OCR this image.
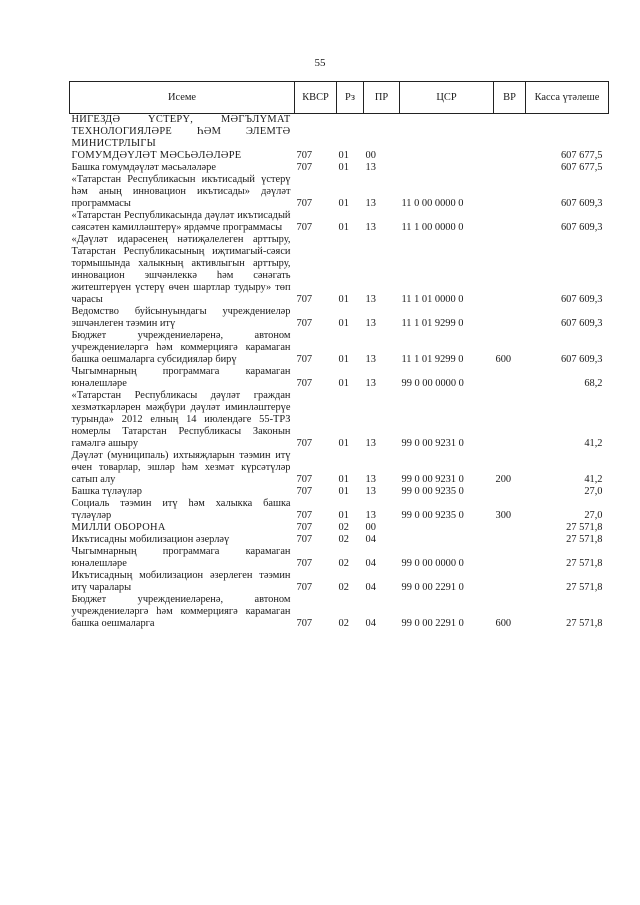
55
Исеме	КВСР	Рз	ПР	ЦСР	ВР	Касса үтәлеше
НИГЕЗДӘ ҮСТЕРҮ, МӘГЪЛҮМАТ ТЕХНОЛОГИЯЛӘРЕ ҺӘМ ЭЛЕМТӘ МИНИСТРЛЫГЫ						
ГОМУМДӘҮЛӘТ МӘСЬӘЛӘЛӘРЕ	707	01	00			607 677,5
Башка гомумдәүләт мәсьәләләре	707	01	13			607 677,5
«Татарстан Республикасын икътисадый үстерү һәм аның инновацион икътисады» дәүләт программасы	707	01	13	11 0 00 0000 0		607 609,3
«Татарстан Республикасында дәүләт икътисадый сәясәтен камилләштерү» ярдәмче программасы	707	01	13	11 1 00 0000 0		607 609,3
«Дәүләт идарәсенең нәтиҗәлелеген арттыру, Татарстан Республикасының иҗтимагый-сәяси тормышында халыкның активлыгын арттыру, инновацион эшчәнлеккә һәм сәнәгать житештерүен үстерү өчен шартлар тудыру» төп чарасы	707	01	13	11 1 01 0000 0		607 609,3
Ведомство буйсынуындагы учреждениеләр эшчәнлеген тәэмин итү	707	01	13	11 1 01 9299 0		607 609,3
Бюджет учреждениеләренә, автоном учреждениеләргә һәм коммерциягә карамаган башка оешмаларга субсидияләр бирү	707	01	13	11 1 01 9299 0	600	607 609,3
Чыгымнарның программага карамаган юнәлешләре	707	01	13	99 0 00 0000 0		68,2
«Татарстан Республикасы дәүләт граждан хезмәткәрләрен мәҗбүри дәүләт иминләштерүе турында» 2012 елның 14 июлендәге 55-ТРЗ номерлы Татарстан Республикасы Законын гамәлгә ашыру	707	01	13	99 0 00 9231 0		41,2
Дәүләт (муниципаль) ихтыяҗларын тәэмин итү өчен товарлар, эшләр һәм хезмәт күрсәтүләр сатып алу	707	01	13	99 0 00 9231 0	200	41,2
Башка түләүләр	707	01	13	99 0 00 9235 0		27,0
Социаль тәэмин итү һәм халыкка башка түләүләр	707	01	13	99 0 00 9235 0	300	27,0
МИЛЛИ ОБОРОНА	707	02	00			27 571,8
Икътисадны мобилизацион әзерләү	707	02	04			27 571,8
Чыгымнарның программага карамаган юнәлешләре	707	02	04	99 0 00 0000 0		27 571,8
Икътисадның мобилизацион әзерлеген тәэмин итү чаралары	707	02	04	99 0 00 2291 0		27 571,8
Бюджет учреждениеләренә, автоном учреждениеләргә һәм коммерциягә карамаган башка оешмаларга	707	02	04	99 0 00 2291 0	600	27 571,8
